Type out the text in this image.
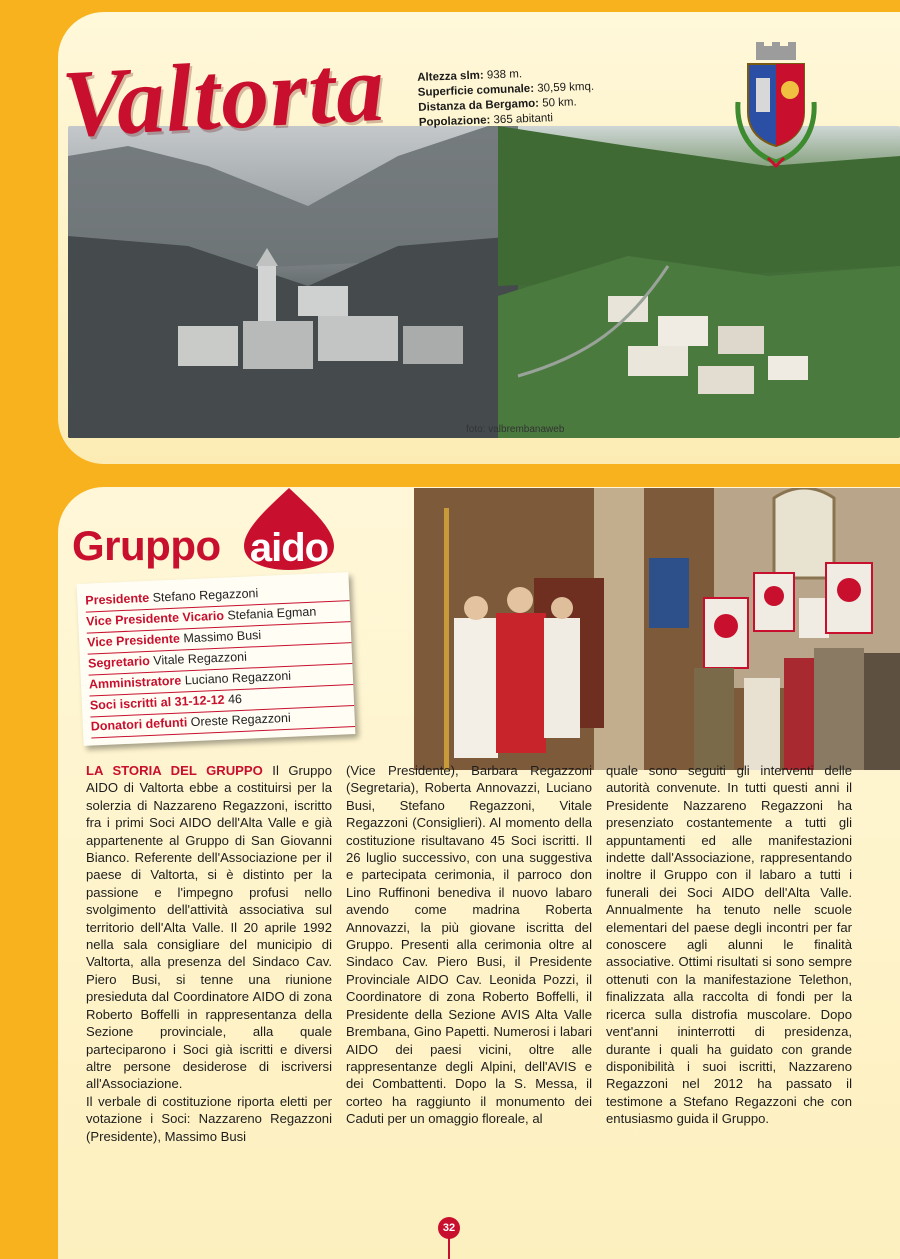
foto: valbrembanaweb
Valtorta	Altezza slm: 938 m.
Superficie comunale: 30,59 kmq.
Distanza da Bergamo: 50 km.
Popolazione: 365 abitanti
Gruppo aido
Presidente Stefano Regazzoni
Vice Presidente Vicario Stefania Egman
Vice Presidente Massimo Busi
Segretario Vitale Regazzoni
Amministratore Luciano Regazzoni
Soci iscritti al 31-12-12 46
Donatori defunti Oreste Regazzoni

LA STORIA DEL GRUPPO Il Gruppo AIDO di Valtorta ebbe a costituirsi per la solerzia di Nazzareno Regazzoni, iscritto fra i primi Soci AIDO dell'Alta Valle e già appartenente al Gruppo di San Giovanni Bianco. Referente dell'Associazione per il paese di Valtorta, si è distinto per la passione e l'impegno profusi nello svolgimento dell'attività associativa sul territorio dell'Alta Valle. Il 20 aprile 1992 nella sala consigliare del municipio di Valtorta, alla presenza del Sindaco Cav. Piero Busi, si tenne una riunione presieduta dal Coordinatore AIDO di zona Roberto Boffelli in rappresentanza della Sezione provinciale, alla quale parteciparono i Soci già iscritti e diversi altre persone desiderose di iscriversi all'Associazione.

Il verbale di costituzione riporta eletti per votazione i Soci: Nazzareno Regazzoni (Presidente), Massimo Busi

(Vice Presidente), Barbara Regazzoni (Segretaria), Roberta Annovazzi, Luciano Busi, Stefano Regazzoni, Vitale Regazzoni (Consiglieri). Al momento della costituzione risultavano 45 Soci iscritti. Il 26 luglio successivo, con una suggestiva e partecipata cerimonia, il parroco don Lino Ruffinoni benediva il nuovo labaro avendo come madrina Roberta Annovazzi, la più giovane iscritta del Gruppo. Presenti alla cerimonia oltre al Sindaco Cav. Piero Busi, il Presidente Provinciale AIDO Cav. Leonida Pozzi, il Coordinatore di zona Roberto Boffelli, il Presidente della Sezione AVIS Alta Valle Brembana, Gino Papetti. Numerosi i labari AIDO dei paesi vicini, oltre alle rappresentanze degli Alpini, dell'AVIS e dei Combattenti. Dopo la S. Messa, il corteo ha raggiunto il monumento dei Caduti per un omaggio floreale, al

quale sono seguiti gli interventi delle autorità convenute. In tutti questi anni il Presidente Nazzareno Regazzoni ha presenziato costantemente a tutti gli appuntamenti ed alle manifestazioni indette dall'Associazione, rappresentando inoltre il Gruppo con il labaro a tutti i funerali dei Soci AIDO dell'Alta Valle. Annualmente ha tenuto nelle scuole elementari del paese degli incontri per far conoscere agli alunni le finalità associative. Ottimi risultati si sono sempre ottenuti con la manifestazione Telethon, finalizzata alla raccolta di fondi per la ricerca sulla distrofia muscolare. Dopo vent'anni ininterrotti di presidenza, durante i quali ha guidato con grande disponibilità i suoi iscritti, Nazzareno Regazzoni nel 2012 ha passato il testimone a Stefano Regazzoni che con entusiasmo guida il Gruppo.

32
